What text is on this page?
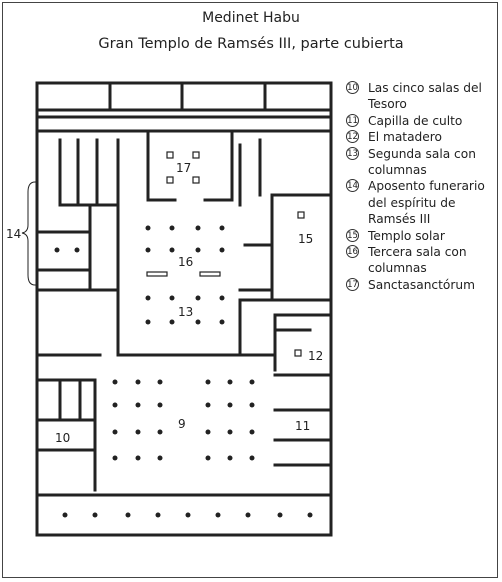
Medinet Habu
Gran Templo de Ramsés III, parte cubierta
9
10
11
12
13
14	15
16
17
10 Las cinco salas del Tesoro
11 Capilla de culto
12 El matadero
13 Segunda sala con columnas
14 Aposento funerario del espíritu de Ramsés III
15 Templo solar
16 Tercera sala con columnas
17 Sanctasanctórum
